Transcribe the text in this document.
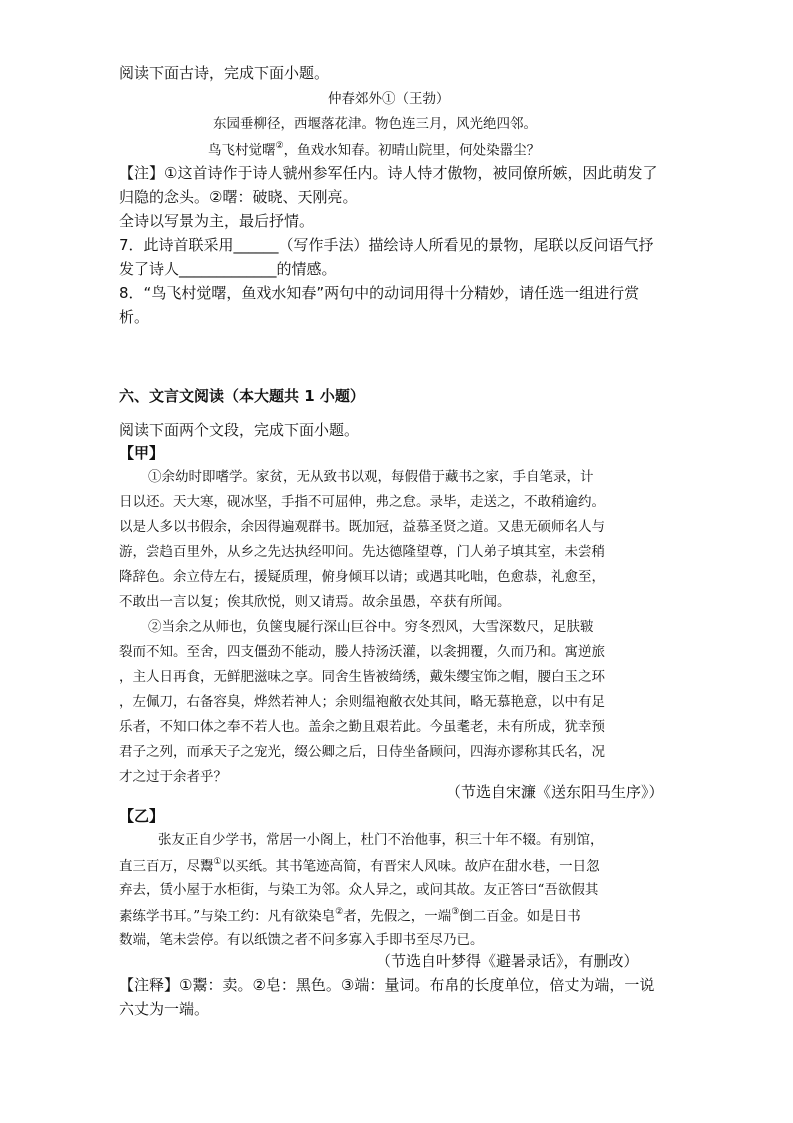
阅读下面古诗，完成下面小题。
仲春郊外①（王勃）
东园垂柳径，西堰落花津。物色连三月，风光绝四邻。
鸟飞村觉曙②，鱼戏水知春。初晴山院里，何处染嚣尘？
【注】①这首诗作于诗人虢州参军任内。诗人恃才傲物，被同僚所嫉，因此萌发了
归隐的念头。②曙：破晓、天刚亮。
全诗以写景为主，最后抒情。
7．此诗首联采用______（写作手法）描绘诗人所看见的景物，尾联以反问语气抒
发了诗人_____________的情感。
8．“鸟飞村觉曙，鱼戏水知春”两句中的动词用得十分精妙，请任选一组进行赏
析。
六、文言文阅读（本大题共 1 小题）
阅读下面两个文段，完成下面小题。
【甲】
①余幼时即嗜学。家贫，无从致书以观，每假借于藏书之家，手自笔录，计
日以还。天大寒，砚冰坚，手指不可屈伸，弗之怠。录毕，走送之，不敢稍逾约。
以是人多以书假余，余因得遍观群书。既加冠，益慕圣贤之道。又患无硕师名人与
游，尝趋百里外，从乡之先达执经叩问。先达德隆望尊，门人弟子填其室，未尝稍
降辞色。余立侍左右，援疑质理，俯身倾耳以请；或遇其叱咄，色愈恭，礼愈至，
不敢出一言以复；俟其欣悦，则又请焉。故余虽愚，卒获有所闻。
②当余之从师也，负箧曳屣行深山巨谷中。穷冬烈风，大雪深数尺，足肤皲
裂而不知。至舍，四支僵劲不能动，媵人持汤沃灌，以衾拥覆，久而乃和。寓逆旅
，主人日再食，无鲜肥滋味之享。同舍生皆被绮绣，戴朱缨宝饰之帽，腰白玉之环
，左佩刀，右备容臭，烨然若神人；余则缊袍敝衣处其间，略无慕艳意，以中有足
乐者，不知口体之奉不若人也。盖余之勤且艰若此。今虽耄老，未有所成，犹幸预
君子之列，而承天子之宠光，缀公卿之后，日侍坐备顾问，四海亦谬称其氏名，况
才之过于余者乎？
（节选自宋濂《送东阳马生序》）
【乙】
张友正自少学书，常居一小阁上，杜门不治他事，积三十年不辍。有别馆，
直三百万，尽鬻①以买纸。其书笔迹高简，有晋宋人风味。故庐在甜水巷，一日忽
弃去，赁小屋于水柜街，与染工为邻。众人异之，或问其故。友正答曰“吾欲假其
素练学书耳。”与染工约：凡有欲染皂②者，先假之，一端③倒二百金。如是日书
数端，笔未尝停。有以纸馈之者不问多寡入手即书至尽乃已。
（节选自叶梦得《避暑录话》，有删改）
【注释】①鬻：卖。②皂：黑色。③端：量词。布帛的长度单位，倍丈为端，一说
六丈为一端。
